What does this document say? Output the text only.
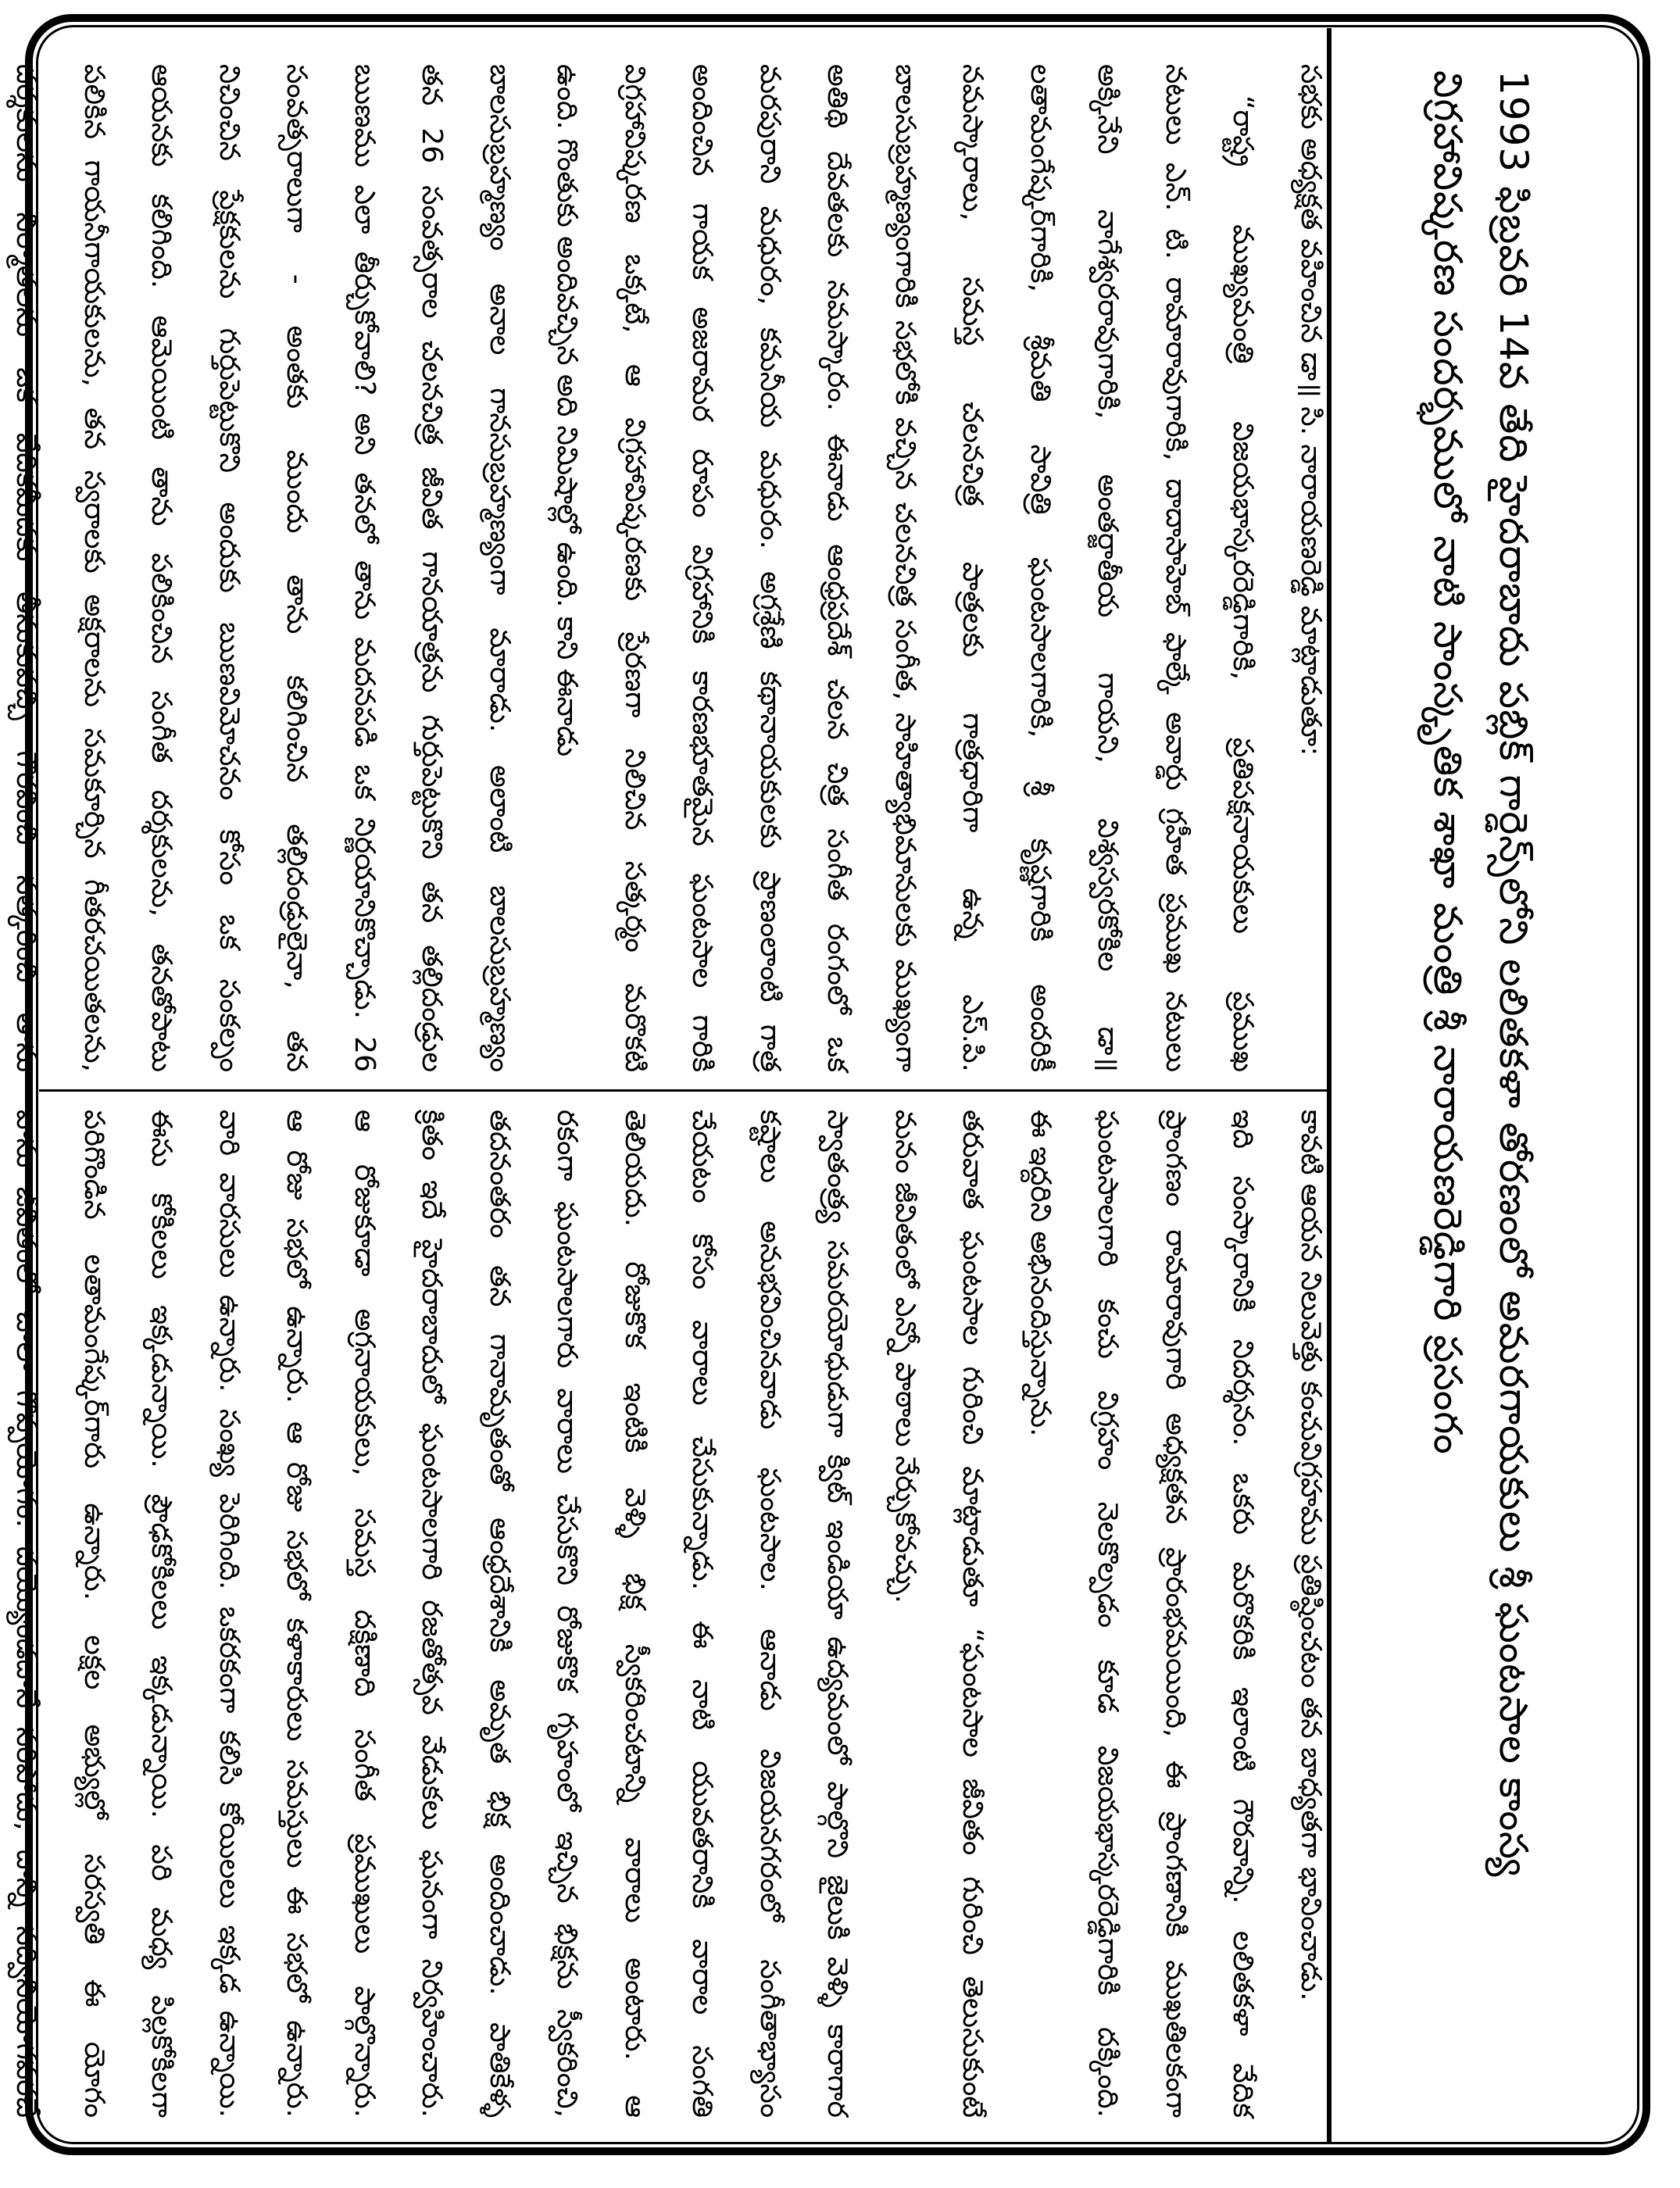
1993 ఫిబ్రవరి 14వ తేది హైదరాబాదు పబ్లిక్ గార్డెన్స్‌లోని లలితకళా తోరణంలో అమరగాయకులు శ్రీ ఘంటసాల కాంస్య
విగ్రహావిష్కరణ సందర్భములో నాటి సాంస్కృతిక శాఖా మంత్రి శ్రీ నారాయణరెడ్డిగారి ప్రసంగం
సభకు అధ్యక్షత వహించిన డా॥ సి. నారాయణరెడ్డి మాట్లాడుతూ:
“రాష్ట్ర ముఖ్యమంత్రి విజయభాస్కరరెడ్డిగారికి, ప్రతిపక్షనాయకులు ప్రముఖ
నటులు ఎన్. టి. రామారావుగారికి, దాదాసాహెబ్ ఫాల్కే అవార్డు గ్రహీత ప్రముఖ నటులు
అక్కినేని నాగేశ్వరరావుగారికి, అంతర్జాతీయ గాయని, విశ్వస్వరకోకిల డా॥
లతామంగేష్కర్‌గారికి, శ్రీమతి సావిత్రి ఘంటసాలగారికి, శ్రీ కృష్ణగారికి అందరికీ
నమస్కారాలు, సమస్త చలనచిత్ర పాత్రలకు గాత్రధారిగా ఉన్న ఎస్.పి.
బాలసుబ్రహ్మణ్యంగారికి సభలోకి వచ్చిన చలనచిత్ర సంగీత, సాహిత్యాభిమానులకు ముఖ్యంగా
అతిథి దేవతలకు నమస్కారం. ఈనాడు ఆంధ్రప్రదేశ్ చలన చిత్ర సంగీత రంగంలో ఒక
మరపురాని మధురం, కమనీయ మధురం. అగ్రశ్రేణి కథానాయకులకు ప్రాణంలాంటి గాత్ర
అందించిన గాయక అజరామర రూపం విగ్రహానికి కారణభూతమైన ఘంటసాల గారికి
విగ్రహావిష్కరణ ఒక్కటే, ఆ విగ్రహావిష్కరణకు ప్రేరణగా నిలిచిన సత్కర్మం మరొకటి
ఉంది. గొంతుకు అందివచ్చిన అది నిమిషాల్లో ఉంది. కాని ఈనాడు
బాలసుబ్రహ్మణ్యం అనాల గానసుబ్రహ్మణ్యంగా మారాడు. అలాంటి బాలసుబ్రహ్మణ్యం
తన 26 సంవత్సరాల చలనచిత్ర జీవిత గానయాత్రను గుర్తుపెట్టుకొని తన తల్లిదండ్రుల
ఋణము ఎలా తీర్చుకోవాలి? అని తనలో తాను మదనపడి ఒక నిర్ణయానికొచ్చాడు. 26
సంవత్సరాలుగా - అంతకు ముందు తాను కలిగించిన తల్లిదండ్రులైనా, తన
నిచించిన ప్రేక్షకులను గుర్తుపెట్టుకొని అందుకు ఋణవిమోచనం కోసం ఒక సంకల్పం
ఆయనకు కలిగింది. ఆమెయింటి తాను పలికించిన సంగీత దర్శకులను, తనతోపాటు
పలికిన గాయనీగాయకులను, తన స్వరాలకు అక్షరాలను సమకూర్చిన గీతరచయితలను,
దర్శకులను నిర్మాతలను ఒక వేదికమీదకు తీసుకువచ్చి గౌరవించి సత్కరించి తాను
కావటి ఆయన నిలువెత్తు కంచువిగ్రహము ప్రతిష్ఠించటం తన బాధ్యతగా భావించాడు.
ఇది సంస్కారానికి నిదర్శనం. ఒకరు మరొకరికి ఇలాంటి గౌరవాన్ని. లలితకళా వేదిక
ప్రాంగణం రామారావుగారి అధ్యక్షతన ప్రారంభమయింది, ఈ ప్రాంగణానికి ముఖతిలకంగా
ఘంటసాలగారి కంచు విగ్రహం నెలకొల్పడం కూడ విజయభాస్కరరెడ్డిగారికి దక్కింది.
ఈ ఇద్దరిని అభినందిస్తున్నాను.
తరువాత ఘంటసాల గురించి మాట్లాడుతూ “ఘంటసాల జీవితం గురించి తెలుసుకుంటే
మనం జీవితంలో ఎన్నో పాఠాలు నేర్చుకోవచ్చు.
స్వాతంత్ర్య సమరయోధుడుగా క్విట్ ఇండియా ఉద్యమంలో పాల్గొని జైలుకి వెళ్ళి కారాగార
కష్టాలు అనుభవించినవాడు ఘంటసాల. ఆనాడు విజయనగరంలో సంగీతాభ్యాసం
చేయటం కోసం వారాలు చేసుకున్నాడు. ఈ నాటి యువతరానికి వారాల సంగతి
తెలియదు. రోజుకొక ఇంటికి వెళ్ళి భిక్ష స్వీకరించటాన్ని వారాలు అంటారు. ఆ
రకంగా ఘంటసాలగారు వారాలు చేసుకొని రోజుకొక గృహంలో ఇచ్చిన భిక్షను స్వీకరించి,
తదనంతరం తన గానామృతంతో ఆంధ్రదేశానికి అమృత భిక్ష అందించాడు. పాతికేళ్ళ
క్రితం ఇదే హైదరాబాదులో ఘంటసాలగారి రజతోత్సవ వేడుకలు ఘనంగా నిర్వహించారు.
ఆ రోజుకూడా అగ్రనాయకులు, సమస్త దక్షిణాది సంగీత ప్రముఖులు పాల్గొన్నారు.
ఆ రోజు సభలో ఉన్నారు. ఆ రోజు సభలో కళాకారులు సమస్తులు ఈ సభలో ఉన్నారు.
వారి వారసులు ఉన్నారు. సంఖ్య పెరిగింది. ఒకరకంగా కలిసి కోయిలలు ఇక్కడ ఉన్నాయి.
ఈసు కోకిలలు ఇక్కడున్నాయి. ప్రౌఢకోకిలలు ఇక్కడున్నాయి. పరి మధ్య పిల్లకోకిలగా
పరిగొండిన లతామంగేష్కర్‌గారు ఉన్నారు. లక్షల అభ్యుల్లో సరస్వతి ఈ యోగం
వాసు జీవితంలో చాలా గొప్పయోగం. దయ్యొండదానే సరిపోదు, దాన్ని సద్వినియోగపరచే
